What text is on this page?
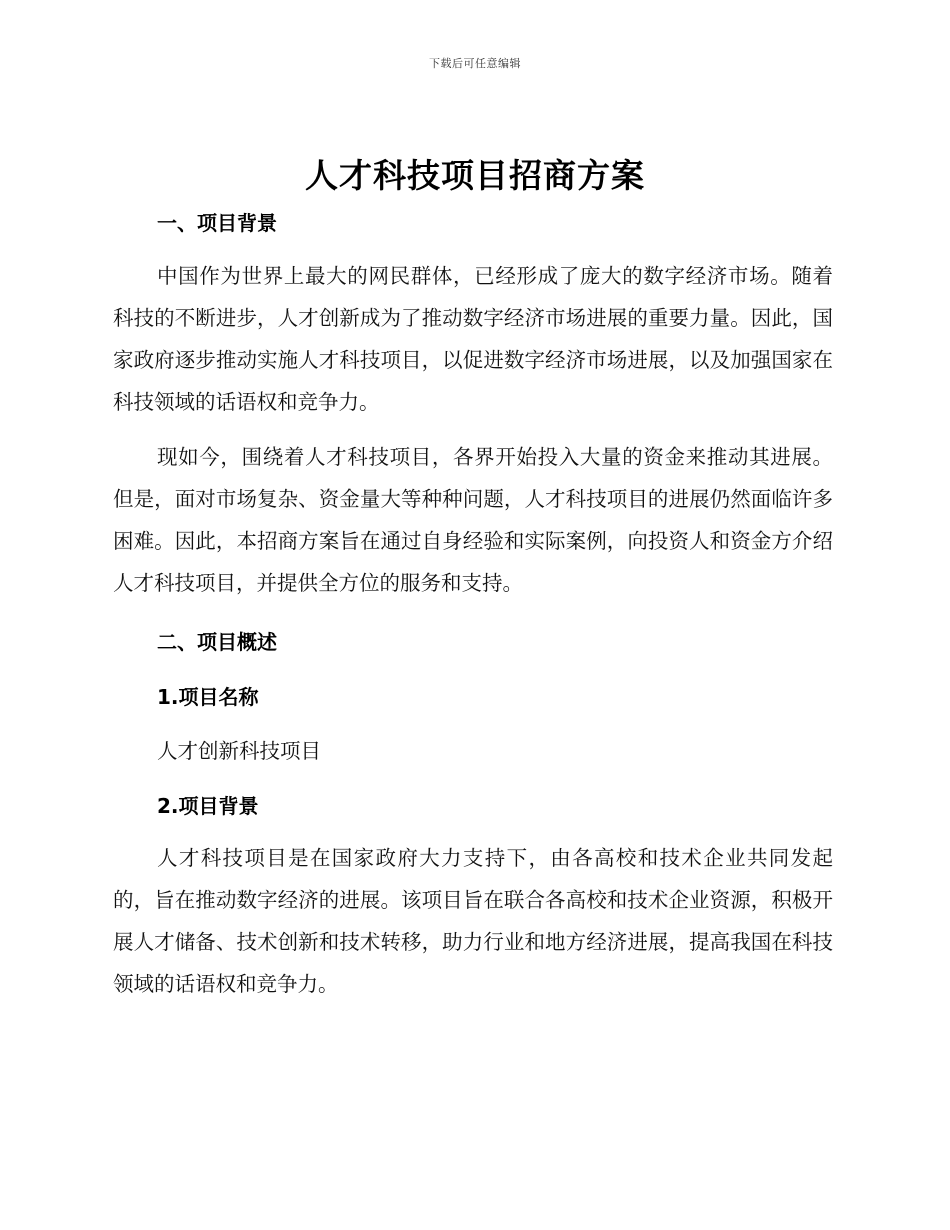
下载后可任意编辑
人才科技项目招商方案
一、项目背景

中国作为世界上最大的网民群体，已经形成了庞大的数字经济市场。随着科技的不断进步，人才创新成为了推动数字经济市场进展的重要力量。因此，国家政府逐步推动实施人才科技项目，以促进数字经济市场进展，以及加强国家在科技领域的话语权和竞争力。

现如今，围绕着人才科技项目，各界开始投入大量的资金来推动其进展。但是，面对市场复杂、资金量大等种种问题，人才科技项目的进展仍然面临许多困难。因此，本招商方案旨在通过自身经验和实际案例，向投资人和资金方介绍人才科技项目，并提供全方位的服务和支持。

二、项目概述
1.项目名称

人才创新科技项目

2.项目背景

人才科技项目是在国家政府大力支持下，由各高校和技术企业共同发起的，旨在推动数字经济的进展。该项目旨在联合各高校和技术企业资源，积极开展人才储备、技术创新和技术转移，助力行业和地方经济进展，提高我国在科技领域的话语权和竞争力。
